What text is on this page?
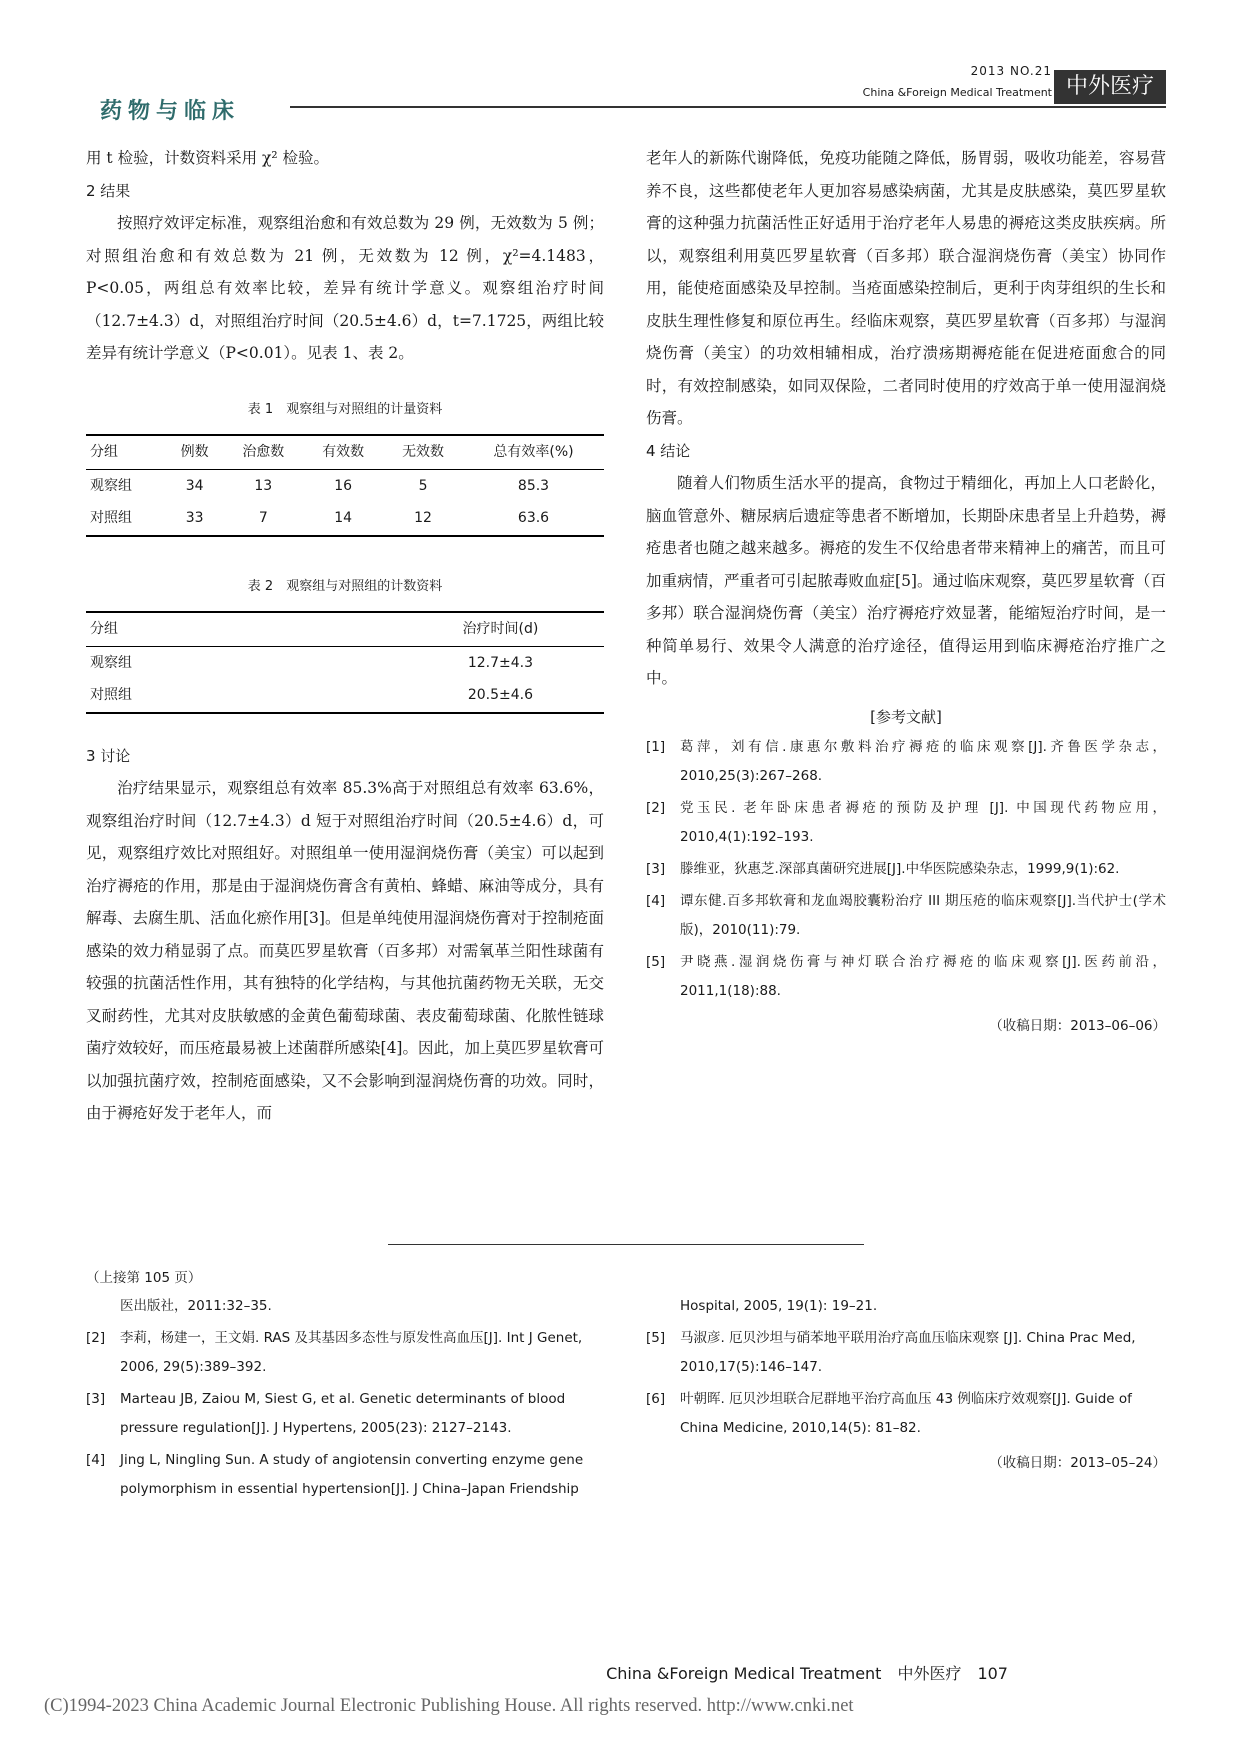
药物与临床
2013 NO.21
China &Foreign Medical Treatment 中外医疗

用 t 检验，计数资料采用 χ² 检验。

2 结果

按照疗效评定标准，观察组治愈和有效总数为 29 例，无效数为 5 例；对照组治愈和有效总数为 21 例，无效数为 12 例，χ²=4.1483，P<0.05，两组总有效率比较，差异有统计学意义。观察组治疗时间（12.7±4.3）d，对照组治疗时间（20.5±4.6）d，t=7.1725，两组比较差异有统计学意义（P<0.01）。见表 1、表 2。

表 1　观察组与对照组的计量资料
分组	例数	治愈数	有效数	无效数	总有效率(%)
观察组	34	13	16	5	85.3
对照组	33	7	14	12	63.6
表 2　观察组与对照组的计数资料
分组	治疗时间(d)
观察组	12.7±4.3
对照组	20.5±4.6

3 讨论

治疗结果显示，观察组总有效率 85.3%高于对照组总有效率 63.6%，观察组治疗时间（12.7±4.3）d 短于对照组治疗时间（20.5±4.6）d，可见，观察组疗效比对照组好。对照组单一使用湿润烧伤膏（美宝）可以起到治疗褥疮的作用，那是由于湿润烧伤膏含有黄柏、蜂蜡、麻油等成分，具有解毒、去腐生肌、活血化瘀作用[3]。但是单纯使用湿润烧伤膏对于控制疮面感染的效力稍显弱了点。而莫匹罗星软膏（百多邦）对需氧革兰阳性球菌有较强的抗菌活性作用，其有独特的化学结构，与其他抗菌药物无关联，无交叉耐药性，尤其对皮肤敏感的金黄色葡萄球菌、表皮葡萄球菌、化脓性链球菌疗效较好，而压疮最易被上述菌群所感染[4]。因此，加上莫匹罗星软膏可以加强抗菌疗效，控制疮面感染，又不会影响到湿润烧伤膏的功效。同时，由于褥疮好发于老年人，而

老年人的新陈代谢降低，免疫功能随之降低，肠胃弱，吸收功能差，容易营养不良，这些都使老年人更加容易感染病菌，尤其是皮肤感染，莫匹罗星软膏的这种强力抗菌活性正好适用于治疗老年人易患的褥疮这类皮肤疾病。所以，观察组利用莫匹罗星软膏（百多邦）联合湿润烧伤膏（美宝）协同作用，能使疮面感染及早控制。当疮面感染控制后，更利于肉芽组织的生长和皮肤生理性修复和原位再生。经临床观察，莫匹罗星软膏（百多邦）与湿润烧伤膏（美宝）的功效相辅相成，治疗溃疡期褥疮能在促进疮面愈合的同时，有效控制感染，如同双保险，二者同时使用的疗效高于单一使用湿润烧伤膏。

4 结论

随着人们物质生活水平的提高，食物过于精细化，再加上人口老龄化，脑血管意外、糖尿病后遗症等患者不断增加，长期卧床患者呈上升趋势，褥疮患者也随之越来越多。褥疮的发生不仅给患者带来精神上的痛苦，而且可加重病情，严重者可引起脓毒败血症[5]。通过临床观察，莫匹罗星软膏（百多邦）联合湿润烧伤膏（美宝）治疗褥疮疗效显著，能缩短治疗时间，是一种简单易行、效果令人满意的治疗途径，值得运用到临床褥疮治疗推广之中。

[参考文献]

[1]	葛萍，刘有信.康惠尔敷料治疗褥疮的临床观察[J].齐鲁医学杂志，2010,25(3):267–268.
[2]	党玉民. 老年卧床患者褥疮的预防及护理 [J]. 中国现代药物应用，2010,4(1):192–193.
[3]	滕维亚，狄惠芝.深部真菌研究进展[J].中华医院感染杂志，1999,9(1):62.
[4]	谭东健.百多邦软膏和龙血竭胶囊粉治疗 III 期压疮的临床观察[J].当代护士(学术版)，2010(11):79.
[5]	尹晓燕.湿润烧伤膏与神灯联合治疗褥疮的临床观察[J].医药前沿，2011,1(18):88.
（收稿日期：2013–06–06）
（上接第 105 页）
医出版社，2011:32–35.
[2]	李莉，杨建一，王文娟. RAS 及其基因多态性与原发性高血压[J]. Int J Genet, 2006, 29(5):389–392.
[3]	Marteau JB, Zaiou M, Siest G, et al. Genetic determinants of blood pressure regulation[J]. J Hypertens, 2005(23): 2127–2143.
[4]	Jing L, Ningling Sun. A study of angiotensin converting enzyme gene polymorphism in essential hypertension[J]. J China–Japan Friendship
Hospital, 2005, 19(1): 19–21.
[5]	马淑彦. 厄贝沙坦与硝苯地平联用治疗高血压临床观察 [J]. China Prac Med, 2010,17(5):146–147.
[6]	叶朝晖. 厄贝沙坦联合尼群地平治疗高血压 43 例临床疗效观察[J]. Guide of China Medicine, 2010,14(5): 81–82.
（收稿日期：2013–05–24）
China &Foreign Medical Treatment　中外医疗　107
(C)1994-2023 China Academic Journal Electronic Publishing House. All rights reserved. http://www.cnki.net
